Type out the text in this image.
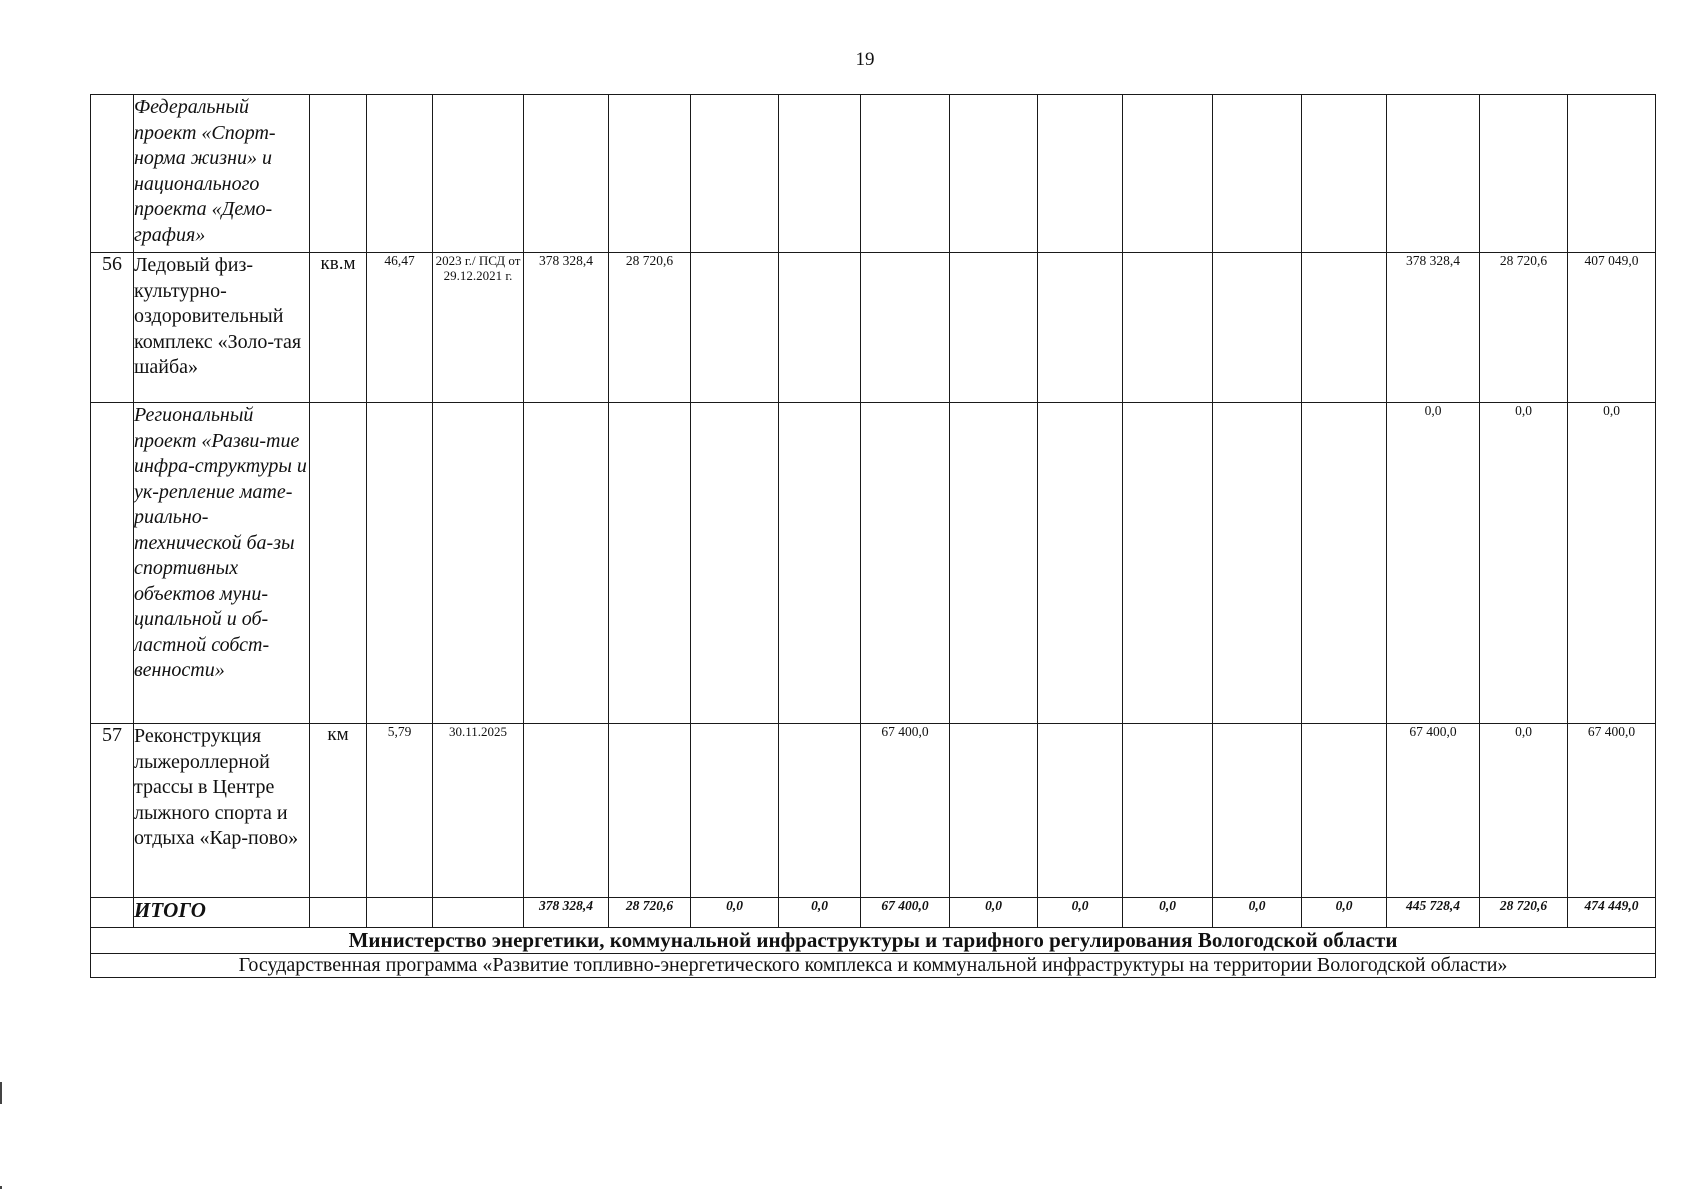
19
	Федеральный проект «Спорт-норма жизни» и национального проекта «Демо-графия»																
56	Ледовый физ-культурно-оздоровительный комплекс «Золо-тая шайба»	кв.м	46,47	2023 г./ ПСД от 29.12.2021 г.	378 328,4	28 720,6									378 328,4	28 720,6	407 049,0
	Региональный проект «Разви-тие инфра-структуры и ук-репление мате-риально-технической ба-зы спортивных объектов муни-ципальной и об-ластной собст-венности»														0,0	0,0	0,0
57	Реконструкция лыжероллерной трассы в Центре лыжного спорта и отдыха «Кар-пово»	км	5,79	30.11.2025					67 400,0						67 400,0	0,0	67 400,0
	ИТОГО				378 328,4	28 720,6	0,0	0,0	67 400,0	0,0	0,0	0,0	0,0	0,0	445 728,4	28 720,6	474 449,0
Министерство энергетики, коммунальной инфраструктуры и тарифного регулирования Вологодской области																	
Государственная программа «Развитие топливно-энергетического комплекса и коммунальной инфраструктуры на территории Вологодской области»																	
